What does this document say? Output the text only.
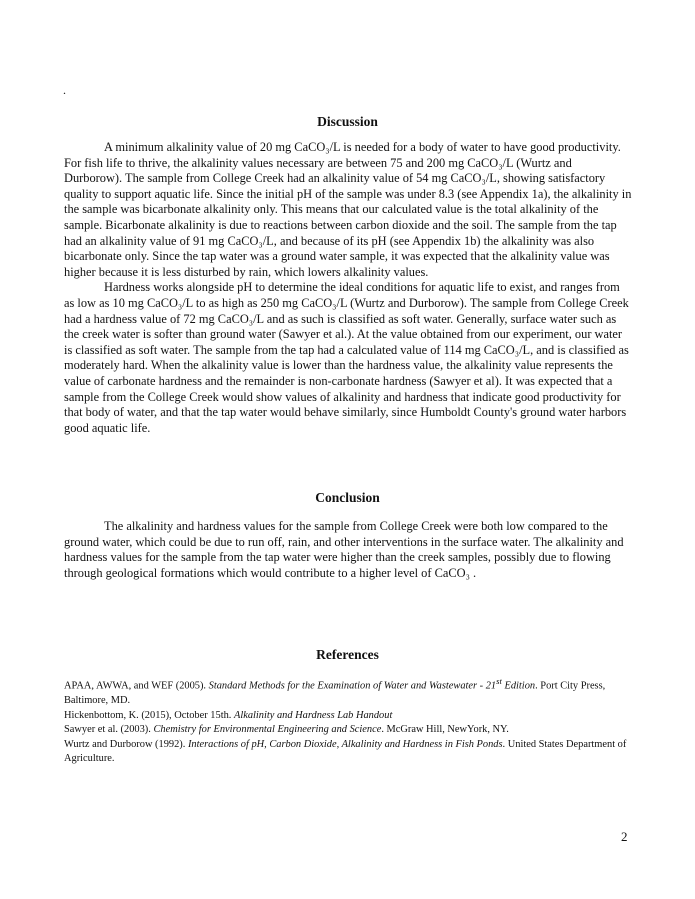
.
Discussion

A minimum alkalinity value of 20 mg CaCO₃/L is needed for a body of water to have good productivity. For fish life to thrive, the alkalinity values necessary are between 75 and 200 mg CaCO₃/L (Wurtz and Durborow). The sample from College Creek had an alkalinity value of 54 mg CaCO₃/L, showing satisfactory quality to support aquatic life. Since the initial pH of the sample was under 8.3 (see Appendix 1a), the alkalinity in the sample was bicarbonate alkalinity only. This means that our calculated value is the total alkalinity of the sample. Bicarbonate alkalinity is due to reactions between carbon dioxide and the soil. The sample from the tap had an alkalinity value of 91 mg CaCO₃/L, and because of its pH (see Appendix 1b) the alkalinity was also bicarbonate only. Since the tap water was a ground water sample, it was expected that the alkalinity value was higher because it is less disturbed by rain, which lowers alkalinity values.

Hardness works alongside pH to determine the ideal conditions for aquatic life to exist, and ranges from as low as 10 mg CaCO₃/L to as high as 250 mg CaCO₃/L (Wurtz and Durborow). The sample from College Creek had a hardness value of 72 mg CaCO₃/L and as such is classified as soft water. Generally, surface water such as the creek water is softer than ground water (Sawyer et al.). At the value obtained from our experiment, our water is classified as soft water. The sample from the tap had a calculated value of 114 mg CaCO₃/L, and is classified as moderately hard. When the alkalinity value is lower than the hardness value, the alkalinity value represents the value of carbonate hardness and the remainder is non-carbonate hardness (Sawyer et al). It was expected that a sample from the College Creek would show values of alkalinity and hardness that indicate good productivity for that body of water, and that the tap water would behave similarly, since Humboldt County's ground water harbors good aquatic life.

Conclusion

The alkalinity and hardness values for the sample from College Creek were both low compared to the ground water, which could be due to run off, rain, and other interventions in the surface water. The alkalinity and hardness values for the sample from the tap water were higher than the creek samples, possibly due to flowing through geological formations which would contribute to a higher level of CaCO₃ .

References
APAA, AWWA, and WEF (2005). Standard Methods for the Examination of Water and Wastewater - 21st Edition. Port City Press, Baltimore, MD.
Hickenbottom, K. (2015), October 15th. Alkalinity and Hardness Lab Handout
Sawyer et al. (2003). Chemistry for Environmental Engineering and Science. McGraw Hill, NewYork, NY.
Wurtz and Durborow (1992). Interactions of pH, Carbon Dioxide, Alkalinity and Hardness in Fish Ponds. United States Department of Agriculture.
2
